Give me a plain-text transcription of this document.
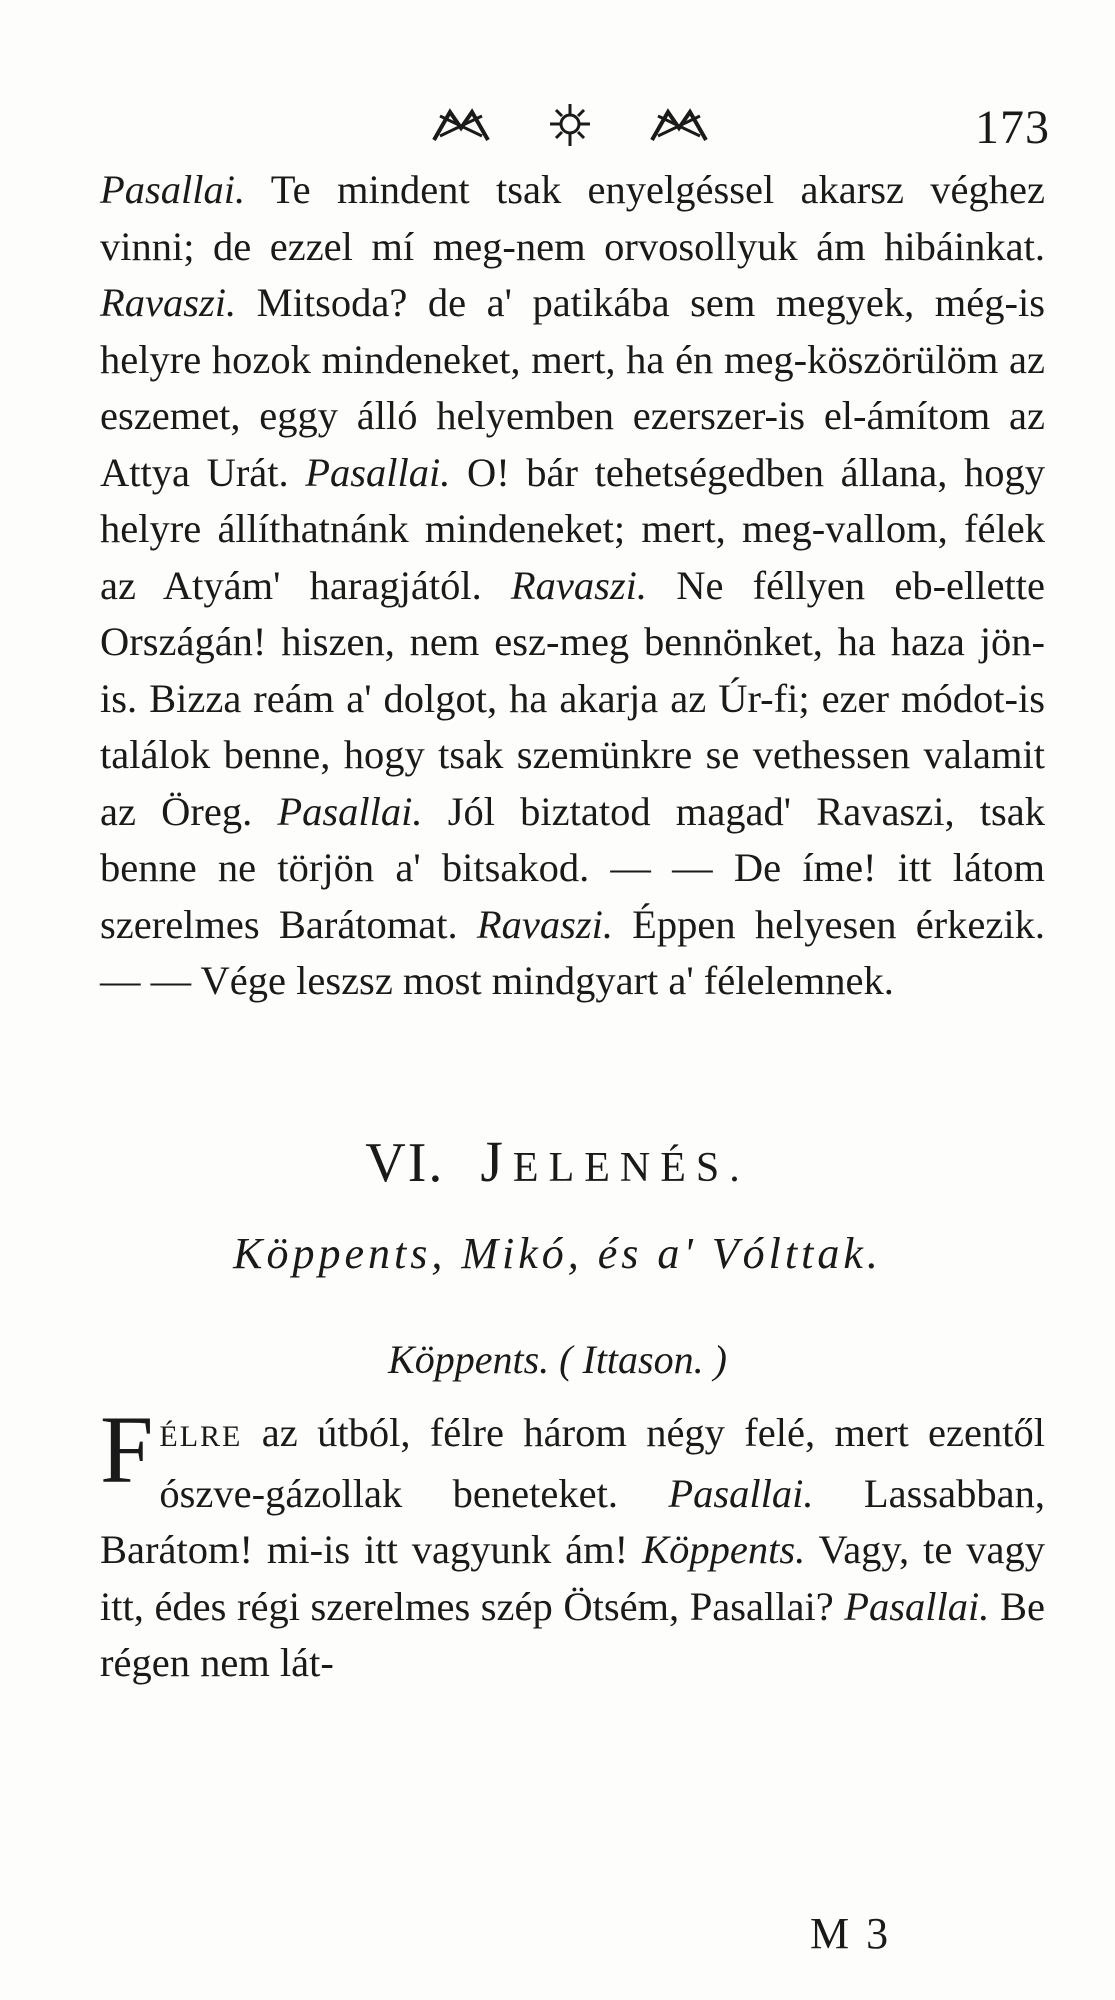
173

Pasallai. Te mindent tsak enyelgéssel akarsz véghez vinni; de ezzel mí meg-nem orvosollyuk ám hibáinkat. Ravaszi. Mitsoda? de a' patikába sem megyek, még-is helyre hozok mindeneket, mert, ha én meg-köszörülöm az eszemet, eggy álló helyemben ezerszer-is el-ámítom az Attya Urát. Pasallai. O! bár tehetségedben állana, hogy helyre állíthatnánk mindeneket; mert, meg-vallom, félek az Atyám' haragjától. Ravaszi. Ne féllyen eb-ellette Országán! hiszen, nem esz-meg bennönket, ha haza jön-is. Bizza reám a' dolgot, ha akarja az Úr-fi; ezer módot-is találok benne, hogy tsak szemünkre se vethessen valamit az Öreg. Pasallai. Jól biztatod magad' Ravaszi, tsak benne ne törjön a' bitsakod. — — De íme! itt látom szerelmes Barátomat. Ravaszi. Éppen helyesen érkezik. — — Vége leszsz most mindgyart a' félelemnek.

VI. JELENÉS.
Köppents, Mikó, és a' Vólttak.
Köppents. ( Ittason. )

FÉLRE az útból, félre három négy felé, mert ezentől ószve-gázollak beneteket. Pasallai. Lassabban, Barátom! mi-is itt vagyunk ám! Köppents. Vagy, te vagy itt, édes régi szerelmes szép Ötsém, Pasallai? Pasallai. Be régen nem lát-

M 3
